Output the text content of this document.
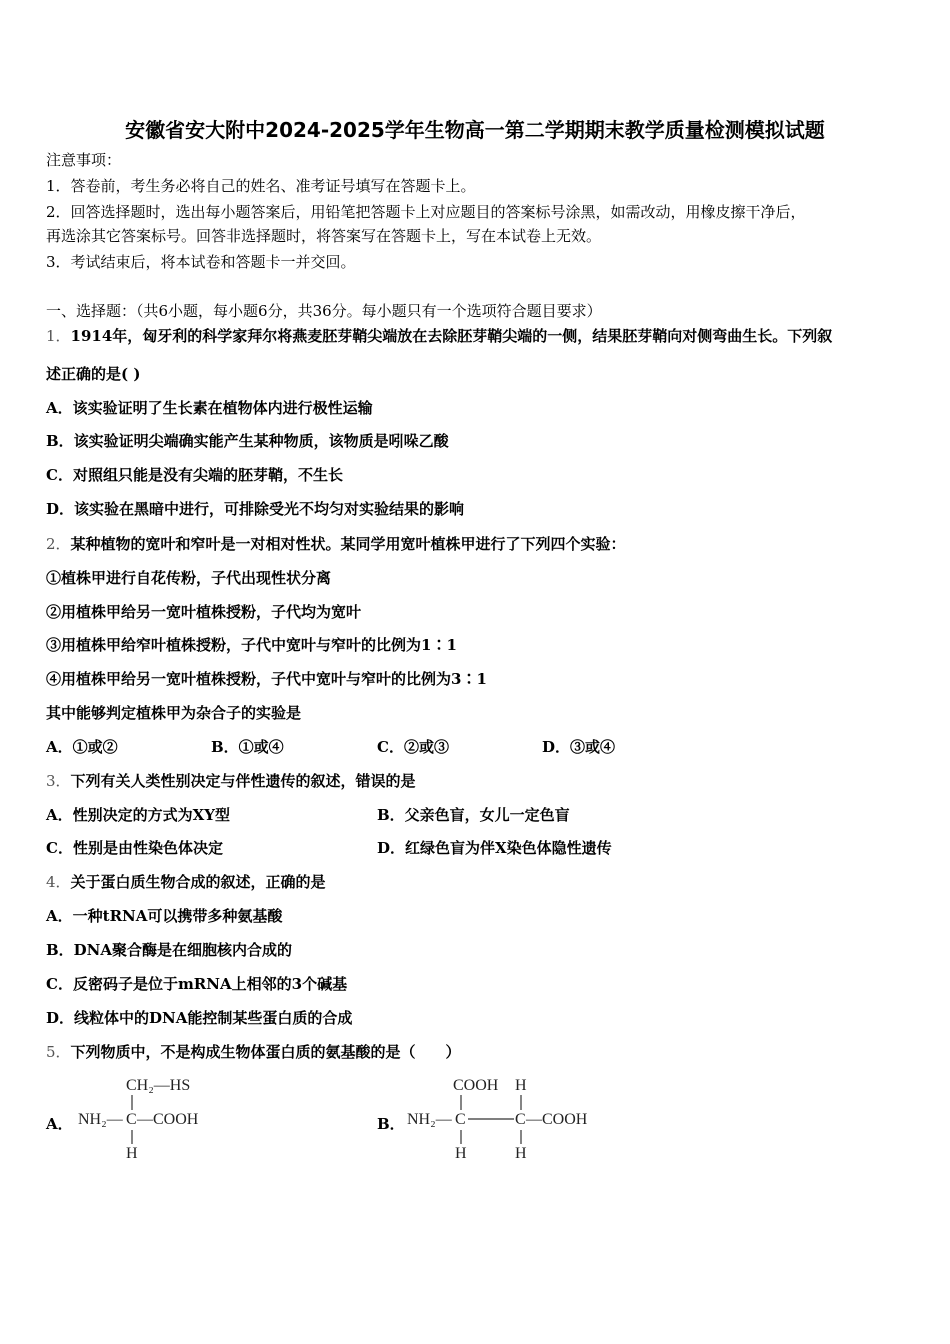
安徽省安大附中2024-2025学年生物高一第二学期期末教学质量检测模拟试题
注意事项：
1．答卷前，考生务必将自己的姓名、准考证号填写在答题卡上。
2．回答选择题时，选出每小题答案后，用铅笔把答题卡上对应题目的答案标号涂黑，如需改动，用橡皮擦干净后，
再选涂其它答案标号。回答非选择题时，将答案写在答题卡上，写在本试卷上无效。
3．考试结束后，将本试卷和答题卡一并交回。
一、选择题：（共6小题，每小题6分，共36分。每小题只有一个选项符合题目要求）
1．1914年，匈牙利的科学家拜尔将燕麦胚芽鞘尖端放在去除胚芽鞘尖端的一侧，结果胚芽鞘向对侧弯曲生长。下列叙
述正确的是( )
A．该实验证明了生长素在植物体内进行极性运输
B．该实验证明尖端确实能产生某种物质，该物质是吲哚乙酸
C．对照组只能是没有尖端的胚芽鞘，不生长
D．该实验在黑暗中进行，可排除受光不均匀对实验结果的影响
2．某种植物的宽叶和窄叶是一对相对性状。某同学用宽叶植株甲进行了下列四个实验：
①植株甲进行自花传粉，子代出现性状分离
②用植株甲给另一宽叶植株授粉，子代均为宽叶
③用植株甲给窄叶植株授粉，子代中宽叶与窄叶的比例为1∶1
④用植株甲给另一宽叶植株授粉，子代中宽叶与窄叶的比例为3∶1
其中能够判定植株甲为杂合子的实验是
A．①或②	B．①或④	C．②或③	D．③或④
3．下列有关人类性别决定与伴性遗传的叙述，错误的是
A．性别决定的方式为XY型	B．父亲色盲，女儿一定色盲
C．性别是由性染色体决定	D．红绿色盲为伴X染色体隐性遗传
4．关于蛋白质生物合成的叙述，正确的是
A．一种tRNA可以携带多种氨基酸
B．DNA聚合酶是在细胞核内合成的
C．反密码子是位于mRNA上相邻的3个碱基
D．线粒体中的DNA能控制某些蛋白质的合成
5．下列物质中，不是构成生物体蛋白质的氨基酸的是（　　）
A．	B．
CH₂—HS
NH₂— C —COOH
H
COOH H
NH₂— C	C —COOH
H	H
